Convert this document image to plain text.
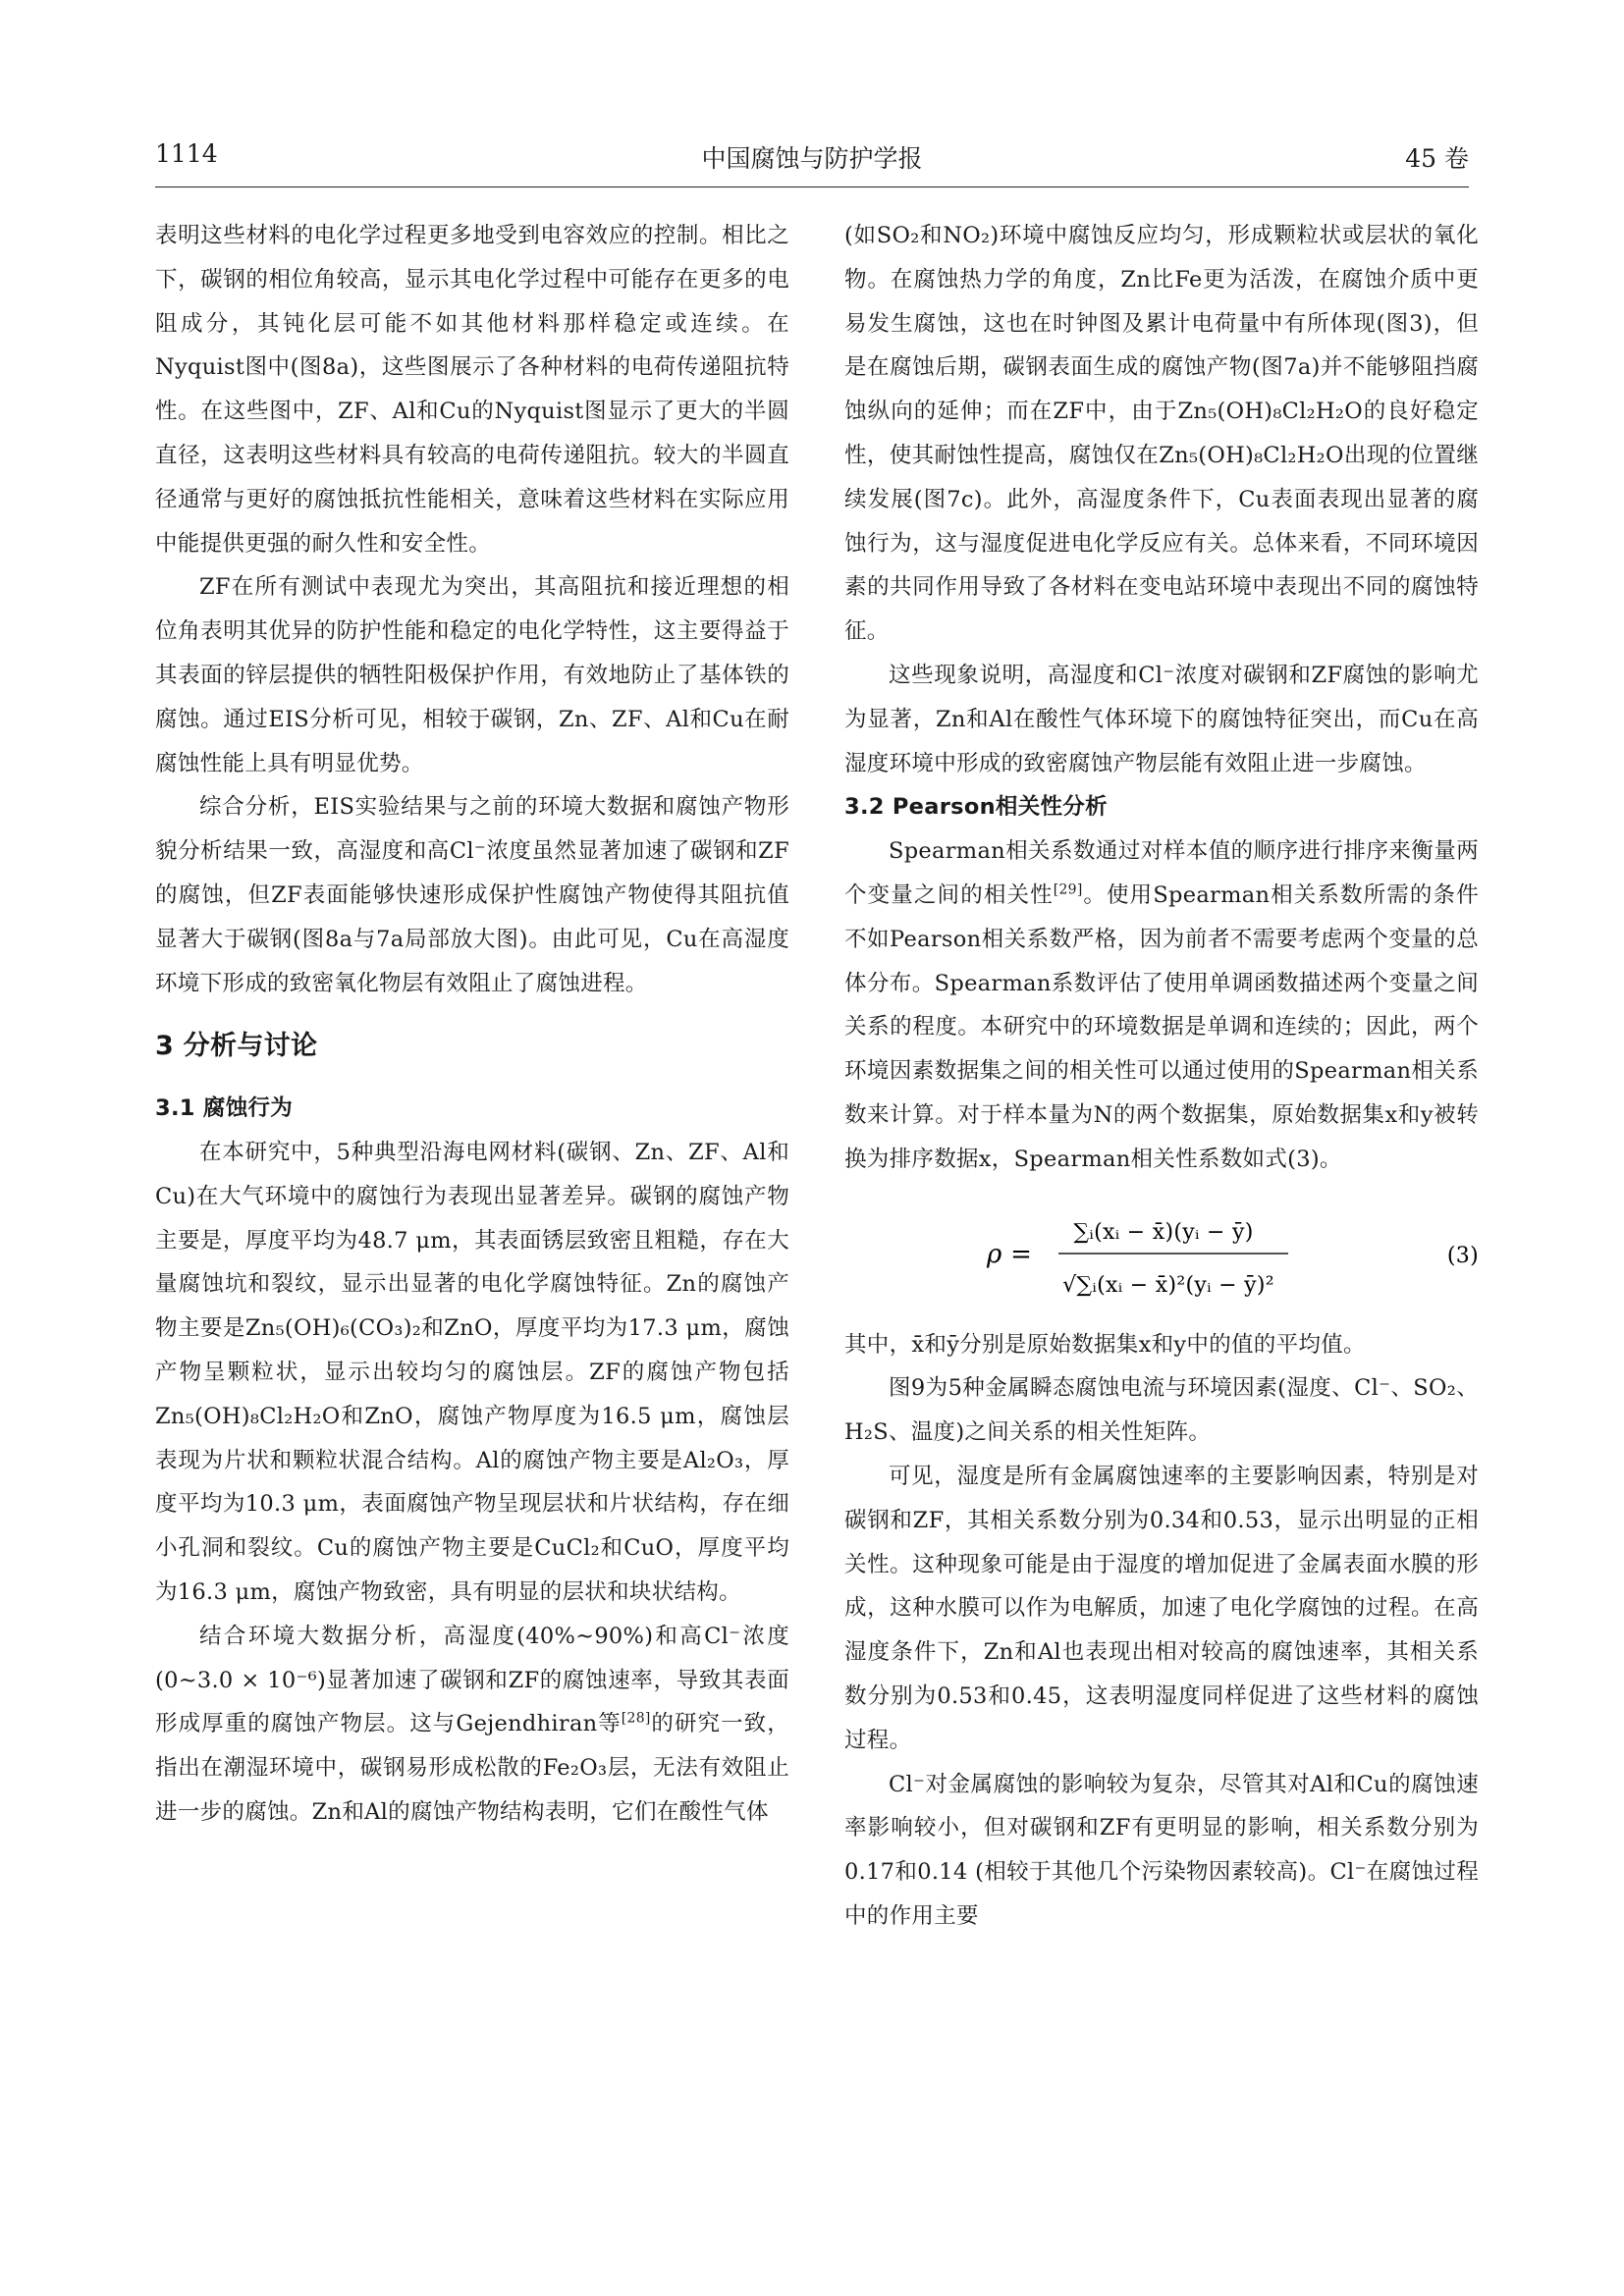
1114	中国腐蚀与防护学报	45 卷

表明这些材料的电化学过程更多地受到电容效应的控制。相比之下，碳钢的相位角较高，显示其电化学过程中可能存在更多的电阻成分，其钝化层可能不如其他材料那样稳定或连续。在Nyquist图中(图8a)，这些图展示了各种材料的电荷传递阻抗特性。在这些图中，ZF、Al和Cu的Nyquist图显示了更大的半圆直径，这表明这些材料具有较高的电荷传递阻抗。较大的半圆直径通常与更好的腐蚀抵抗性能相关，意味着这些材料在实际应用中能提供更强的耐久性和安全性。

ZF在所有测试中表现尤为突出，其高阻抗和接近理想的相位角表明其优异的防护性能和稳定的电化学特性，这主要得益于其表面的锌层提供的牺牲阳极保护作用，有效地防止了基体铁的腐蚀。通过EIS分析可见，相较于碳钢，Zn、ZF、Al和Cu在耐腐蚀性能上具有明显优势。

综合分析，EIS实验结果与之前的环境大数据和腐蚀产物形貌分析结果一致，高湿度和高Cl⁻浓度虽然显著加速了碳钢和ZF的腐蚀，但ZF表面能够快速形成保护性腐蚀产物使得其阻抗值显著大于碳钢(图8a与7a局部放大图)。由此可见，Cu在高湿度环境下形成的致密氧化物层有效阻止了腐蚀进程。

3 分析与讨论
3.1 腐蚀行为

在本研究中，5种典型沿海电网材料(碳钢、Zn、ZF、Al和Cu)在大气环境中的腐蚀行为表现出显著差异。碳钢的腐蚀产物主要是，厚度平均为48.7 μm，其表面锈层致密且粗糙，存在大量腐蚀坑和裂纹，显示出显著的电化学腐蚀特征。Zn的腐蚀产物主要是Zn₅(OH)₆(CO₃)₂和ZnO，厚度平均为17.3 μm，腐蚀产物呈颗粒状，显示出较均匀的腐蚀层。ZF的腐蚀产物包括Zn₅(OH)₈Cl₂H₂O和ZnO，腐蚀产物厚度为16.5 μm，腐蚀层表现为片状和颗粒状混合结构。Al的腐蚀产物主要是Al₂O₃，厚度平均为10.3 μm，表面腐蚀产物呈现层状和片状结构，存在细小孔洞和裂纹。Cu的腐蚀产物主要是CuCl₂和CuO，厚度平均为16.3 μm，腐蚀产物致密，具有明显的层状和块状结构。

结合环境大数据分析，高湿度(40%~90%)和高Cl⁻浓度(0~3.0 × 10⁻⁶)显著加速了碳钢和ZF的腐蚀速率，导致其表面形成厚重的腐蚀产物层。这与Gejendhiran等[28]的研究一致，指出在潮湿环境中，碳钢易形成松散的Fe₂O₃层，无法有效阻止进一步的腐蚀。Zn和Al的腐蚀产物结构表明，它们在酸性气体

(如SO₂和NO₂)环境中腐蚀反应均匀，形成颗粒状或层状的氧化物。在腐蚀热力学的角度，Zn比Fe更为活泼，在腐蚀介质中更易发生腐蚀，这也在时钟图及累计电荷量中有所体现(图3)，但是在腐蚀后期，碳钢表面生成的腐蚀产物(图7a)并不能够阻挡腐蚀纵向的延伸；而在ZF中，由于Zn₅(OH)₈Cl₂H₂O的良好稳定性，使其耐蚀性提高，腐蚀仅在Zn₅(OH)₈Cl₂H₂O出现的位置继续发展(图7c)。此外，高湿度条件下，Cu表面表现出显著的腐蚀行为，这与湿度促进电化学反应有关。总体来看，不同环境因素的共同作用导致了各材料在变电站环境中表现出不同的腐蚀特征。

这些现象说明，高湿度和Cl⁻浓度对碳钢和ZF腐蚀的影响尤为显著，Zn和Al在酸性气体环境下的腐蚀特征突出，而Cu在高湿度环境中形成的致密腐蚀产物层能有效阻止进一步腐蚀。

3.2 Pearson相关性分析

Spearman相关系数通过对样本值的顺序进行排序来衡量两个变量之间的相关性[29]。使用Spearman相关系数所需的条件不如Pearson相关系数严格，因为前者不需要考虑两个变量的总体分布。Spearman系数评估了使用单调函数描述两个变量之间关系的程度。本研究中的环境数据是单调和连续的；因此，两个环境因素数据集之间的相关性可以通过使用的Spearman相关系数来计算。对于样本量为N的两个数据集，原始数据集x和y被转换为排序数据x，Spearman相关性系数如式(3)。

ρ =
∑ᵢ(xᵢ − x̄)(yᵢ − ȳ)
√∑ᵢ(xᵢ − x̄)²(yᵢ − ȳ)²
(3)

其中，x̄和ȳ分别是原始数据集x和y中的值的平均值。

图9为5种金属瞬态腐蚀电流与环境因素(湿度、Cl⁻、SO₂、H₂S、温度)之间关系的相关性矩阵。

可见，湿度是所有金属腐蚀速率的主要影响因素，特别是对碳钢和ZF，其相关系数分别为0.34和0.53，显示出明显的正相关性。这种现象可能是由于湿度的增加促进了金属表面水膜的形成，这种水膜可以作为电解质，加速了电化学腐蚀的过程。在高湿度条件下，Zn和Al也表现出相对较高的腐蚀速率，其相关系数分别为0.53和0.45，这表明湿度同样促进了这些材料的腐蚀过程。

Cl⁻对金属腐蚀的影响较为复杂，尽管其对Al和Cu的腐蚀速率影响较小，但对碳钢和ZF有更明显的影响，相关系数分别为0.17和0.14 (相较于其他几个污染物因素较高)。Cl⁻在腐蚀过程中的作用主要
